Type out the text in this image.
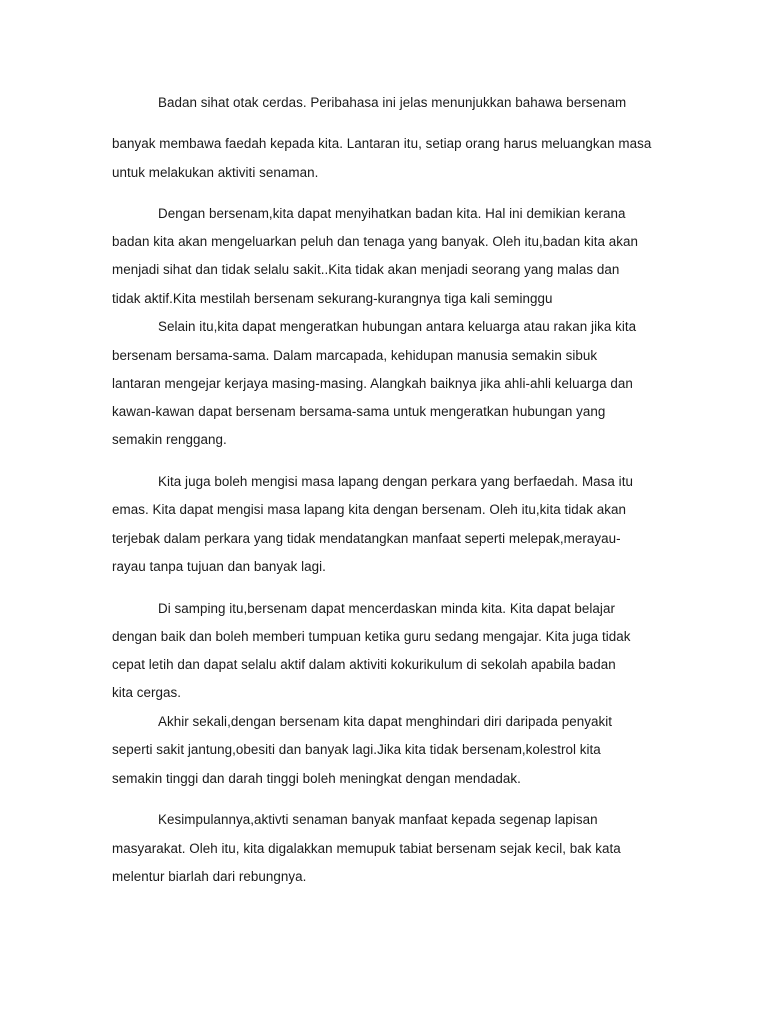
Badan sihat otak cerdas. Peribahasa ini jelas menunjukkan bahawa bersenam
banyak membawa faedah kepada kita. Lantaran itu, setiap orang harus meluangkan masa
untuk melakukan aktiviti senaman.
Dengan bersenam,kita dapat menyihatkan badan kita. Hal ini demikian kerana
badan kita akan mengeluarkan peluh dan tenaga yang banyak. Oleh itu,badan kita akan
menjadi sihat dan tidak selalu sakit..Kita tidak akan menjadi seorang yang malas dan
tidak aktif.Kita mestilah bersenam sekurang-kurangnya tiga kali seminggu
Selain itu,kita dapat mengeratkan hubungan antara keluarga atau rakan jika kita
bersenam bersama-sama. Dalam marcapada, kehidupan manusia semakin sibuk
lantaran mengejar kerjaya masing-masing. Alangkah baiknya jika ahli-ahli keluarga dan
kawan-kawan dapat bersenam bersama-sama untuk mengeratkan hubungan yang
semakin renggang.
Kita juga boleh mengisi masa lapang dengan perkara yang berfaedah. Masa itu
emas. Kita dapat mengisi masa lapang kita dengan bersenam. Oleh itu,kita tidak akan
terjebak dalam perkara yang tidak mendatangkan manfaat seperti melepak,merayau-
rayau tanpa tujuan dan banyak lagi.
Di samping itu,bersenam dapat mencerdaskan minda kita. Kita dapat belajar
dengan baik dan boleh memberi tumpuan ketika guru sedang mengajar. Kita juga tidak
cepat letih dan dapat selalu aktif dalam aktiviti kokurikulum di sekolah apabila badan
kita cergas.
Akhir sekali,dengan bersenam kita dapat menghindari diri daripada penyakit
seperti sakit jantung,obesiti dan banyak lagi.Jika kita tidak bersenam,kolestrol kita
semakin tinggi dan darah tinggi boleh meningkat dengan mendadak.
Kesimpulannya,aktivti senaman banyak manfaat kepada segenap lapisan
masyarakat. Oleh itu, kita digalakkan memupuk tabiat bersenam sejak kecil, bak kata
melentur biarlah dari rebungnya.
